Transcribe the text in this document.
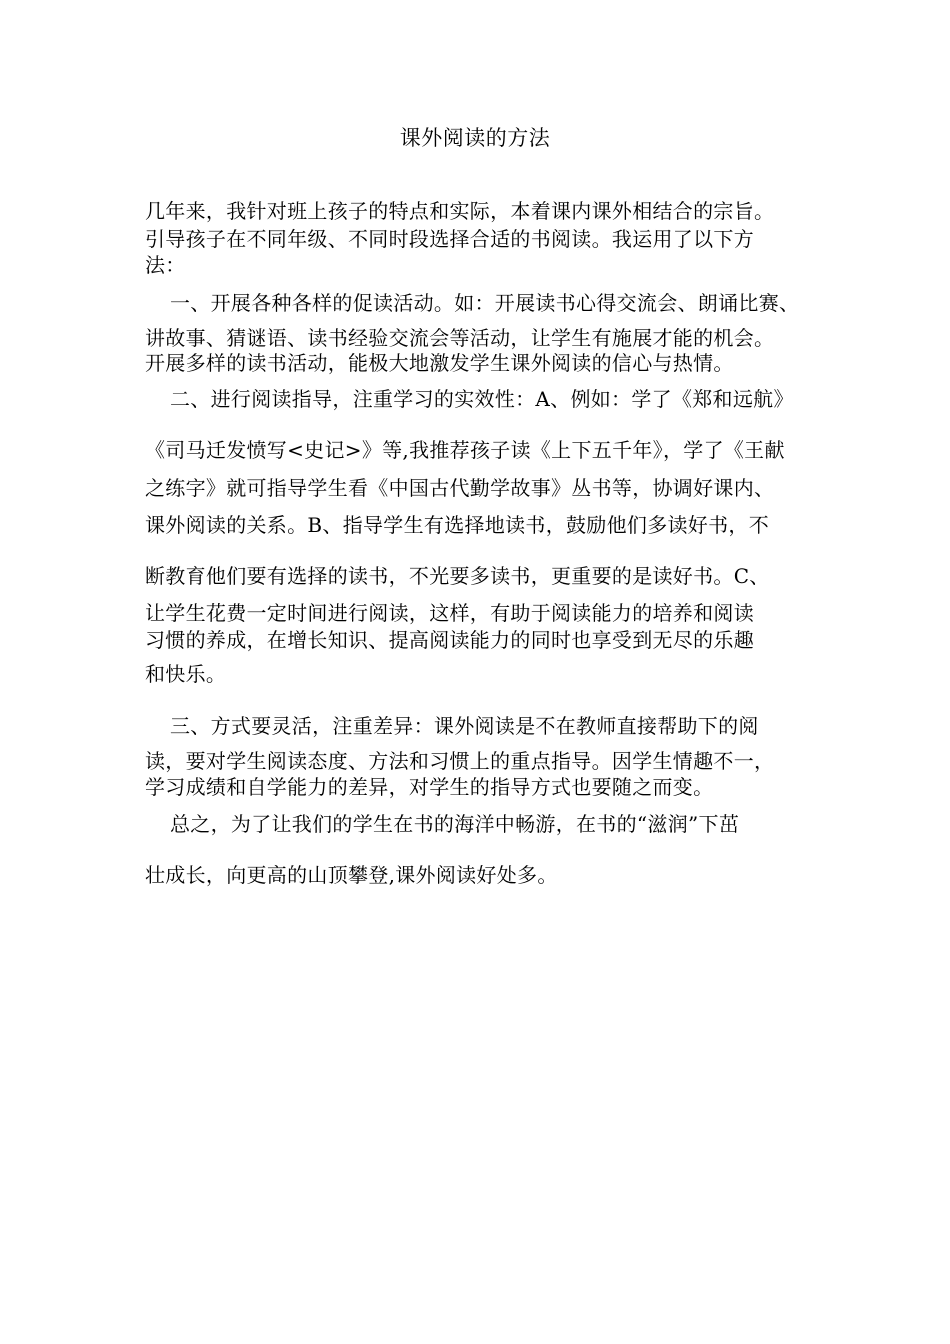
课外阅读的方法
几年来，我针对班上孩子的特点和实际，本着课内课外相结合的宗旨。
引导孩子在不同年级、不同时段选择合适的书阅读。我运用了以下方
法：
一、开展各种各样的促读活动。如：开展读书心得交流会、朗诵比赛、
讲故事、猜谜语、读书经验交流会等活动，让学生有施展才能的机会。
开展多样的读书活动，能极大地激发学生课外阅读的信心与热情。
二、进行阅读指导，注重学习的实效性：A、例如：学了《郑和远航》
《司马迁发愤写<史记>》等,我推荐孩子读《上下五千年》，学了《王献
之练字》就可指导学生看《中国古代勤学故事》丛书等，协调好课内、
课外阅读的关系。B、指导学生有选择地读书，鼓励他们多读好书，不
断教育他们要有选择的读书，不光要多读书，更重要的是读好书。C、
让学生花费一定时间进行阅读，这样，有助于阅读能力的培养和阅读
习惯的养成，在增长知识、提高阅读能力的同时也享受到无尽的乐趣
和快乐。
三、方式要灵活，注重差异：课外阅读是不在教师直接帮助下的阅
读，要对学生阅读态度、方法和习惯上的重点指导。因学生情趣不一，
学习成绩和自学能力的差异，对学生的指导方式也要随之而变。
总之，为了让我们的学生在书的海洋中畅游，在书的“滋润”下茁
壮成长，向更高的山顶攀登,课外阅读好处多。
